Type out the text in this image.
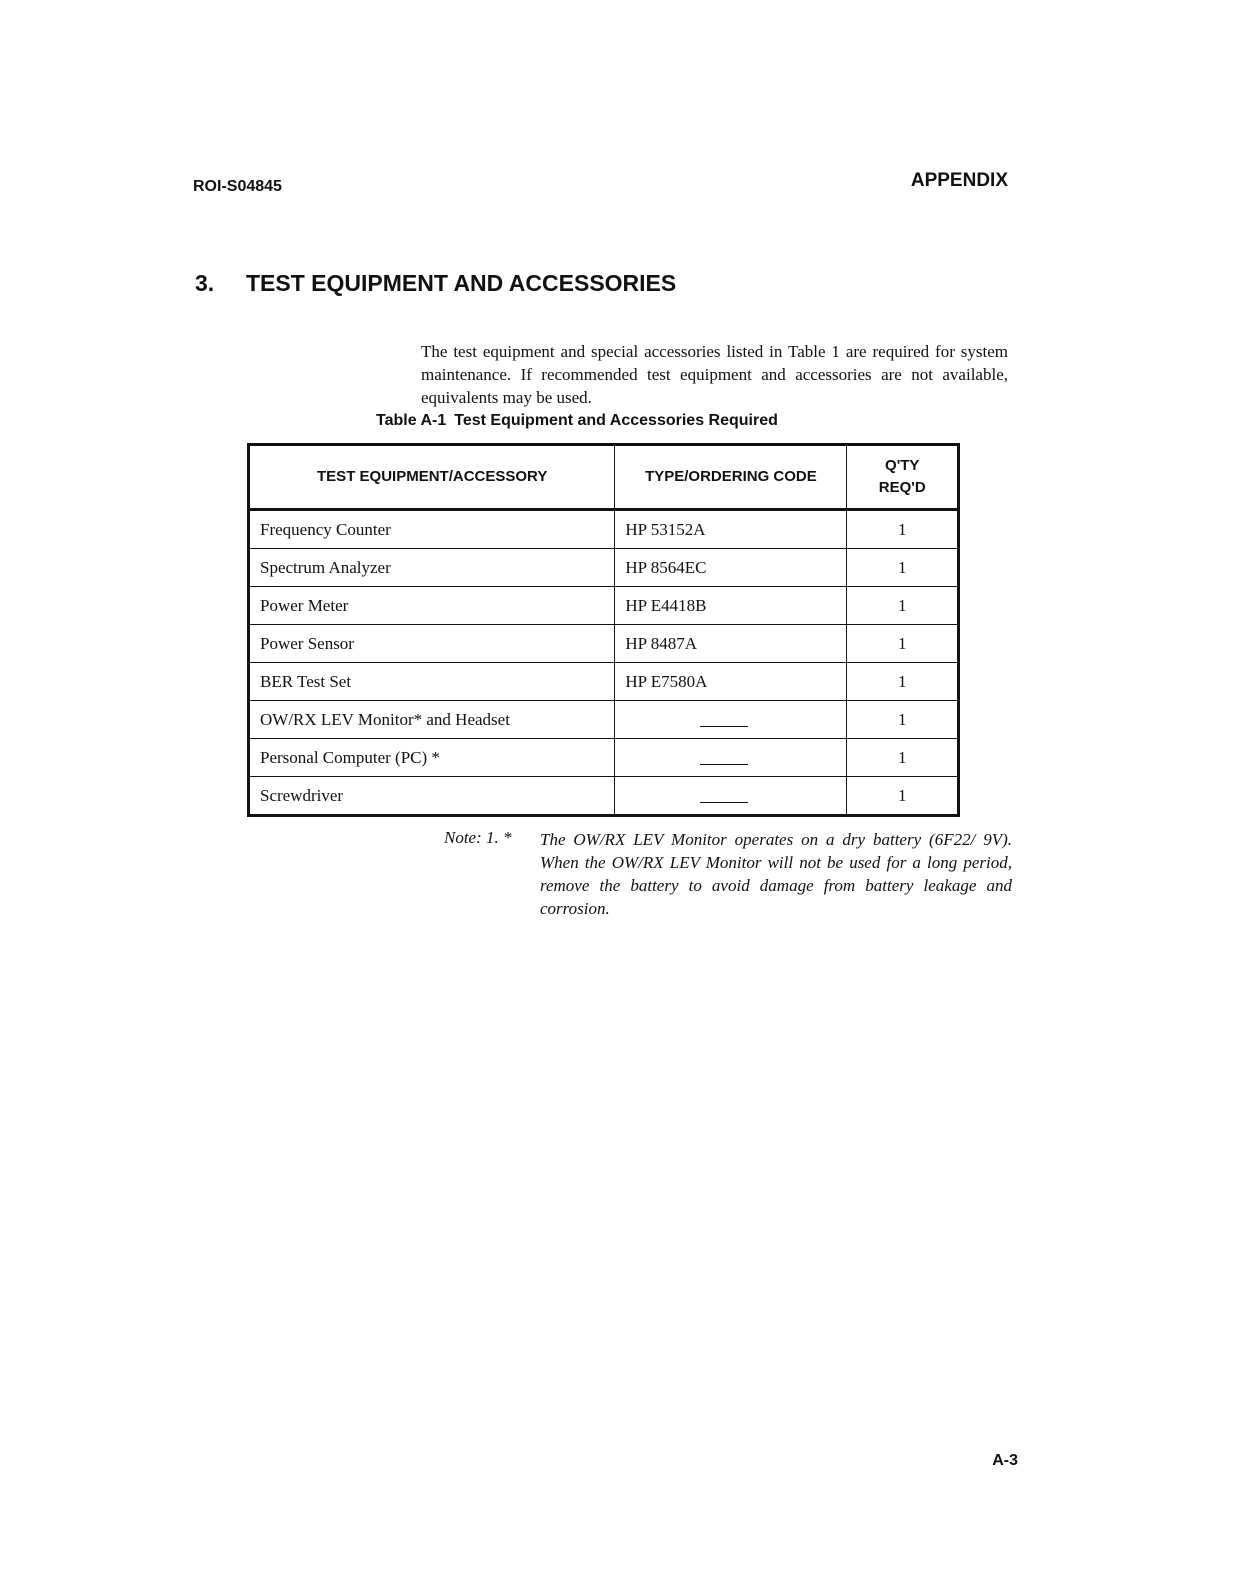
ROI-S04845	APPENDIX
3. TEST EQUIPMENT AND ACCESSORIES

The test equipment and special accessories listed in Table 1 are required for system maintenance. If recommended test equipment and accessories are not available, equivalents may be used.

Table A-1 Test Equipment and Accessories Required
TEST EQUIPMENT/ACCESSORY	TYPE/ORDERING CODE	Q'TY
REQ'D

Frequency Counter	HP 53152A	1
Spectrum Analyzer	HP 8564EC	1
Power Meter	HP E4418B	1
Power Sensor	HP 8487A	1
BER Test Set	HP E7580A	1
OW/RX LEV Monitor* and Headset		1
Personal Computer (PC) *		1
Screwdriver		1
Note: 1. * The OW/RX LEV Monitor operates on a dry battery (6F22/ 9V). When the OW/RX LEV Monitor will not be used for a long period, remove the battery to avoid damage from battery leakage and corrosion.
A-3
